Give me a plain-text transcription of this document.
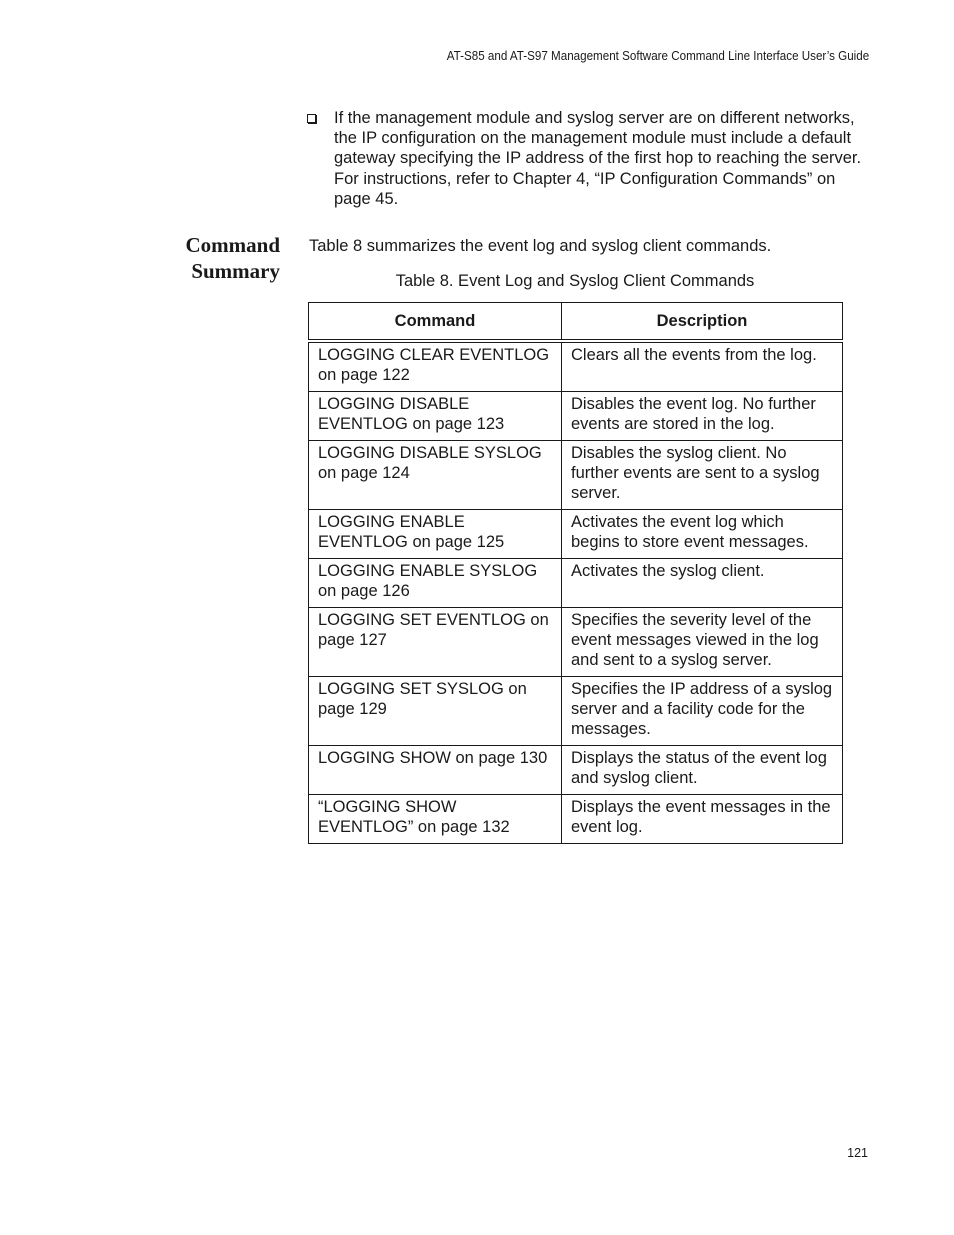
AT-S85 and AT-S97 Management Software Command Line Interface User’s Guide
If the management module and syslog server are on different networks, the IP configuration on the management module must include a default gateway specifying the IP address of the first hop to reaching the server. For instructions, refer to Chapter 4, “IP Configuration Commands” on page 45.
Command
Summary
Table 8 summarizes the event log and syslog client commands.
Table 8. Event Log and Syslog Client Commands
Command	Description
LOGGING CLEAR EVENTLOG on page 122	Clears all the events from the log.
LOGGING DISABLE EVENTLOG on page 123	Disables the event log. No further events are stored in the log.
LOGGING DISABLE SYSLOG on page 124	Disables the syslog client. No further events are sent to a syslog server.
LOGGING ENABLE EVENTLOG on page 125	Activates the event log which begins to store event messages.
LOGGING ENABLE SYSLOG on page 126	Activates the syslog client.
LOGGING SET EVENTLOG on page 127	Specifies the severity level of the event messages viewed in the log and sent to a syslog server.
LOGGING SET SYSLOG on page 129	Specifies the IP address of a syslog server and a facility code for the messages.
LOGGING SHOW on page 130	Displays the status of the event log and syslog client.
“LOGGING SHOW EVENTLOG” on page 132	Displays the event messages in the event log.
121
